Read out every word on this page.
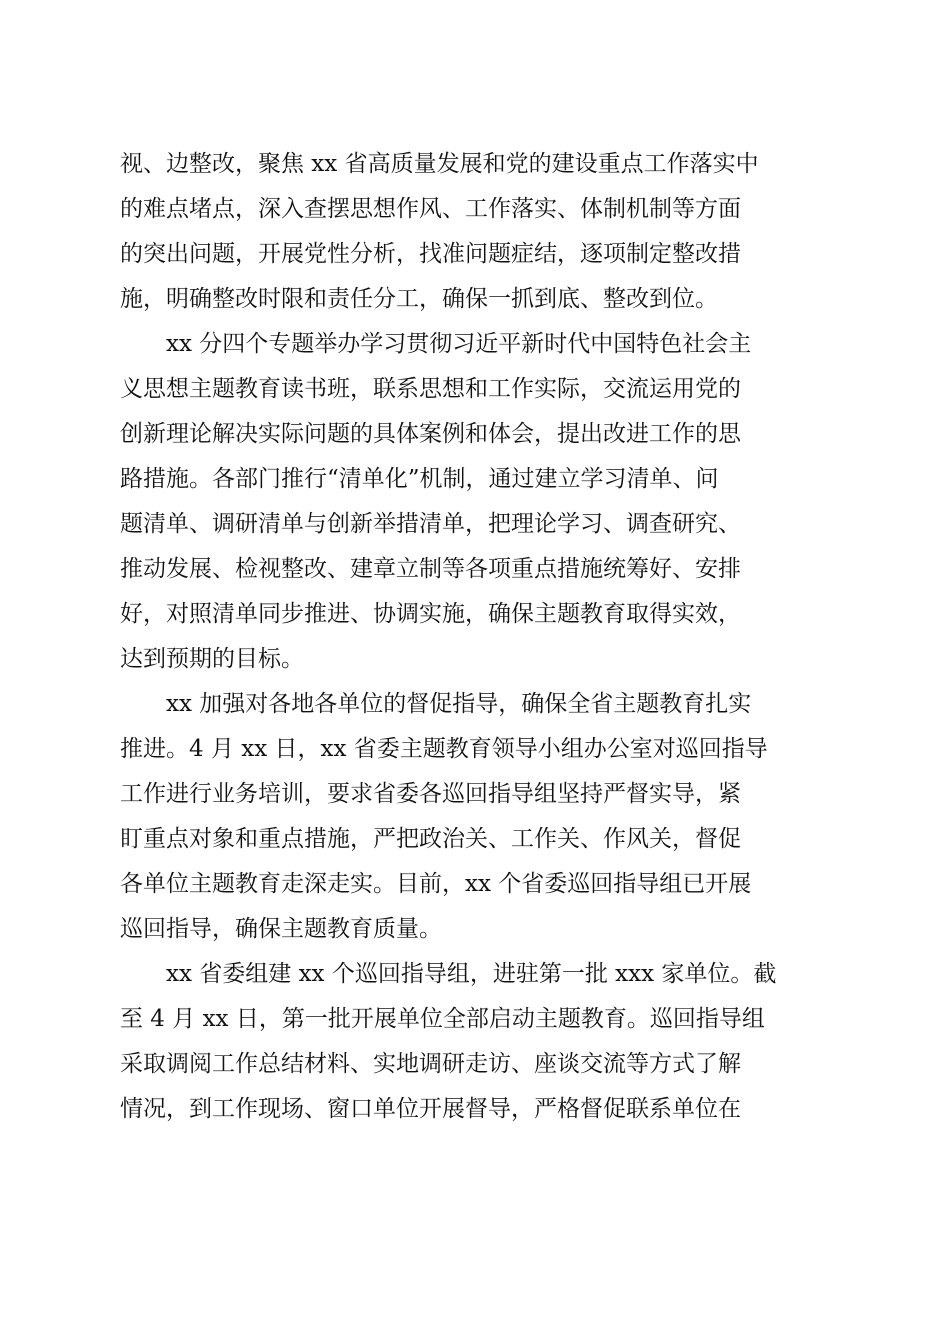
视、边整改，聚焦 xx 省高质量发展和党的建设重点工作落实中
的难点堵点，深入查摆思想作风、工作落实、体制机制等方面
的突出问题，开展党性分析，找准问题症结，逐项制定整改措
施，明确整改时限和责任分工，确保一抓到底、整改到位。

xx 分四个专题举办学习贯彻习近平新时代中国特色社会主
义思想主题教育读书班，联系思想和工作实际，交流运用党的
创新理论解决实际问题的具体案例和体会，提出改进工作的思
路措施。各部门推行“清单化”机制，通过建立学习清单、问
题清单、调研清单与创新举措清单，把理论学习、调查研究、
推动发展、检视整改、建章立制等各项重点措施统筹好、安排
好，对照清单同步推进、协调实施，确保主题教育取得实效，
达到预期的目标。

xx 加强对各地各单位的督促指导，确保全省主题教育扎实
推进。4 月 xx 日，xx 省委主题教育领导小组办公室对巡回指导
工作进行业务培训，要求省委各巡回指导组坚持严督实导，紧
盯重点对象和重点措施，严把政治关、工作关、作风关，督促
各单位主题教育走深走实。目前，xx 个省委巡回指导组已开展
巡回指导，确保主题教育质量。

xx 省委组建 xx 个巡回指导组，进驻第一批 xxx 家单位。截
至 4 月 xx 日，第一批开展单位全部启动主题教育。巡回指导组
采取调阅工作总结材料、实地调研走访、座谈交流等方式了解
情况，到工作现场、窗口单位开展督导，严格督促联系单位在
